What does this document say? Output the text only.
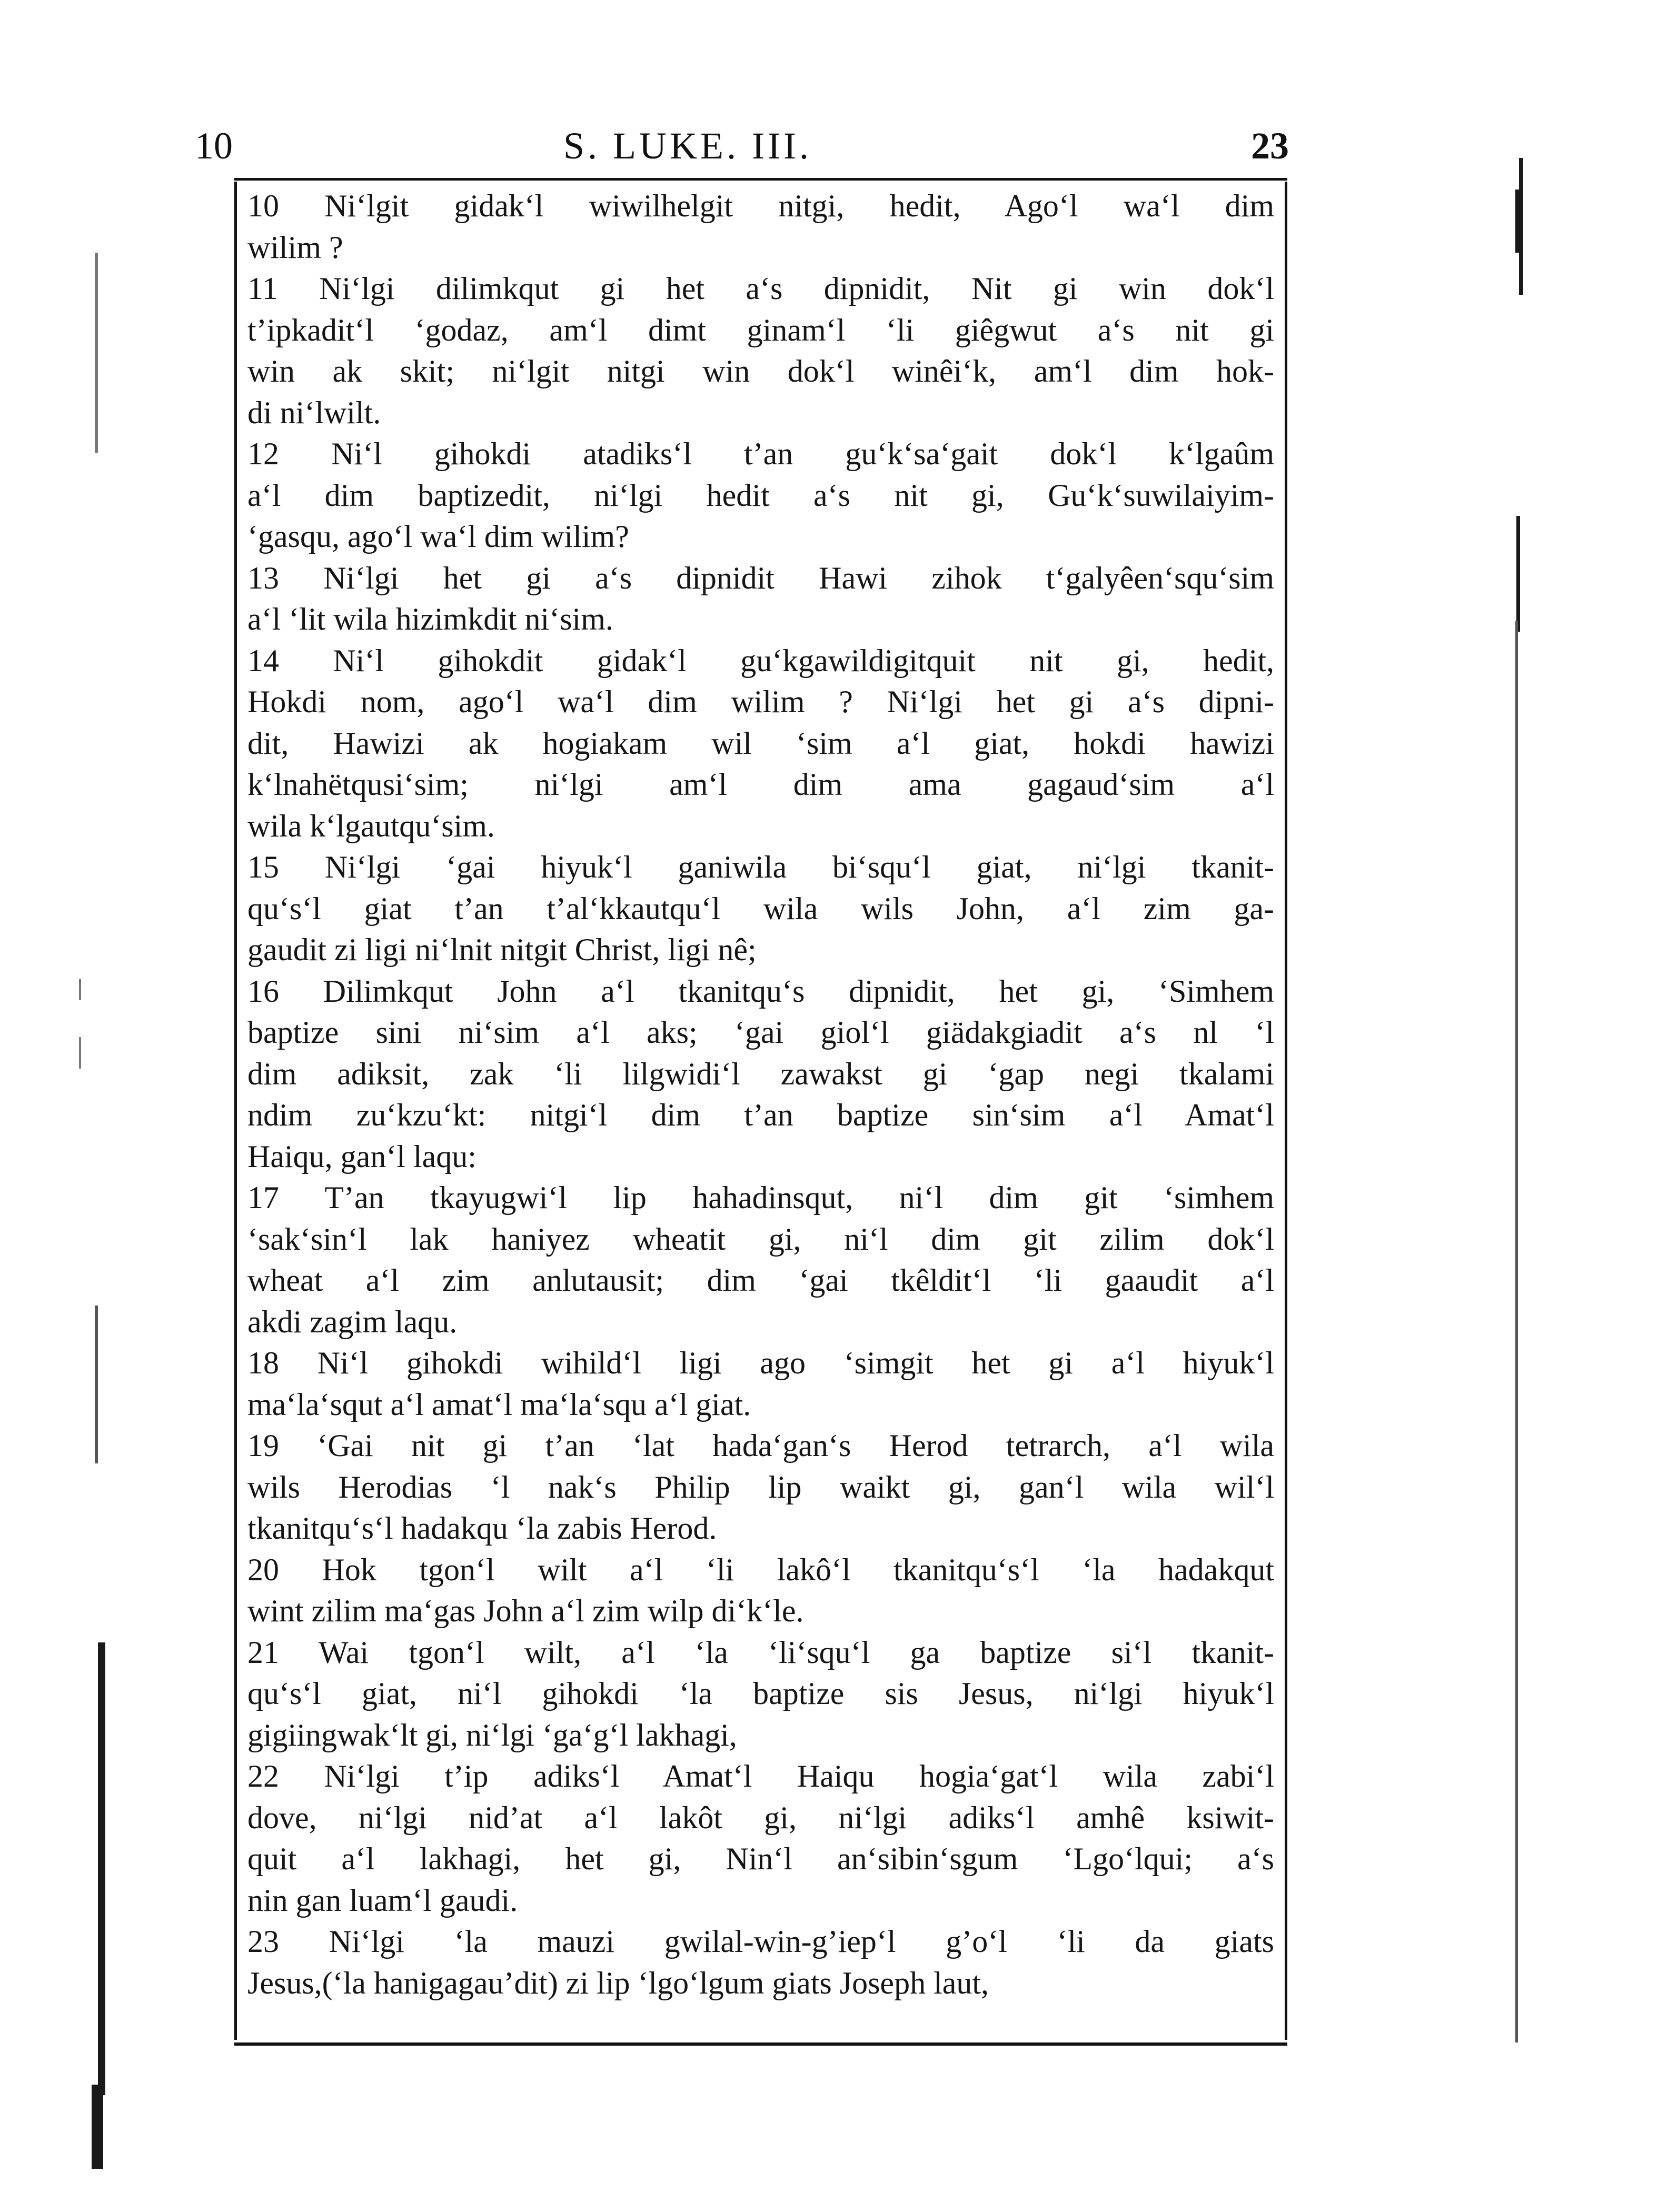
10	S. LUKE. III.	23
10 Ni‘lgit gidak‘l wiwilhelgit nitgi, hedit, Ago‘l wa‘l dim
wilim ?
11 Ni‘lgi dilimkqut gi het a‘s dipnidit, Nit gi win dok‘l
t’ipkadit‘l ‘godaz, am‘l dimt ginam‘l ‘li giêgwut a‘s nit gi
win ak skit; ni‘lgit nitgi win dok‘l winêi‘k, am‘l dim hok-
di ni‘lwilt.
12 Ni‘l gihokdi atadiks‘l t’an gu‘k‘sa‘gait dok‘l k‘lgaûm
a‘l dim baptizedit, ni‘lgi hedit a‘s nit gi, Gu‘k‘suwilaiyim-
‘gasqu, ago‘l wa‘l dim wilim?
13 Ni‘lgi het gi a‘s dipnidit Hawi zihok t‘galyêen‘squ‘sim
a‘l ‘lit wila hizimkdit ni‘sim.
14 Ni‘l gihokdit gidak‘l gu‘kgawildigitquit nit gi, hedit,
Hokdi nom, ago‘l wa‘l dim wilim ? Ni‘lgi het gi a‘s dipni-
dit, Hawizi ak hogiakam wil ‘sim a‘l giat, hokdi hawizi
k‘lnahëtqusi‘sim; ni‘lgi am‘l dim ama gagaud‘sim a‘l
wila k‘lgautqu‘sim.
15 Ni‘lgi ‘gai hiyuk‘l ganiwila bi‘squ‘l giat, ni‘lgi tkanit-
qu‘s‘l giat t’an t’al‘kkautqu‘l wila wils John, a‘l zim ga-
gaudit zi ligi ni‘lnit nitgit Christ, ligi nê;
16 Dilimkqut John a‘l tkanitqu‘s dipnidit, het gi, ‘Simhem
baptize sini ni‘sim a‘l aks; ‘gai giol‘l giädakgiadit a‘s nl ‘l
dim adiksit, zak ‘li lilgwidi‘l zawakst gi ‘gap negi tkalami
ndim zu‘kzu‘kt: nitgi‘l dim t’an baptize sin‘sim a‘l Amat‘l
Haiqu, gan‘l laqu:
17 T’an tkayugwi‘l lip hahadinsqut, ni‘l dim git ‘simhem
‘sak‘sin‘l lak haniyez wheatit gi, ni‘l dim git zilim dok‘l
wheat a‘l zim anlutausit; dim ‘gai tkêldit‘l ‘li gaaudit a‘l
akdi zagim laqu.
18 Ni‘l gihokdi wihild‘l ligi ago ‘simgit het gi a‘l hiyuk‘l
ma‘la‘squt a‘l amat‘l ma‘la‘squ a‘l giat.
19 ‘Gai nit gi t’an ‘lat hada‘gan‘s Herod tetrarch, a‘l wila
wils Herodias ‘l nak‘s Philip lip waikt gi, gan‘l wila wil‘l
tkanitqu‘s‘l hadakqu ‘la zabis Herod.
20 Hok tgon‘l wilt a‘l ‘li lakô‘l tkanitqu‘s‘l ‘la hadakqut
wint zilim ma‘gas John a‘l zim wilp di‘k‘le.
21 Wai tgon‘l wilt, a‘l ‘la ‘li‘squ‘l ga baptize si‘l tkanit-
qu‘s‘l giat, ni‘l gihokdi ‘la baptize sis Jesus, ni‘lgi hiyuk‘l
gigiingwak‘lt gi, ni‘lgi ‘ga‘g‘l lakhagi,
22 Ni‘lgi t’ip adiks‘l Amat‘l Haiqu hogia‘gat‘l wila zabi‘l
dove, ni‘lgi nid’at a‘l lakôt gi, ni‘lgi adiks‘l amhê ksiwit-
quit a‘l lakhagi, het gi, Nin‘l an‘sibin‘sgum ‘Lgo‘lqui; a‘s
nin gan luam‘l gaudi.
23 Ni‘lgi ‘la mauzi gwilal-win-g’iep‘l g’o‘l ‘li da giats
Jesus,(‘la hanigagau’dit) zi lip ‘lgo‘lgum giats Joseph laut,
